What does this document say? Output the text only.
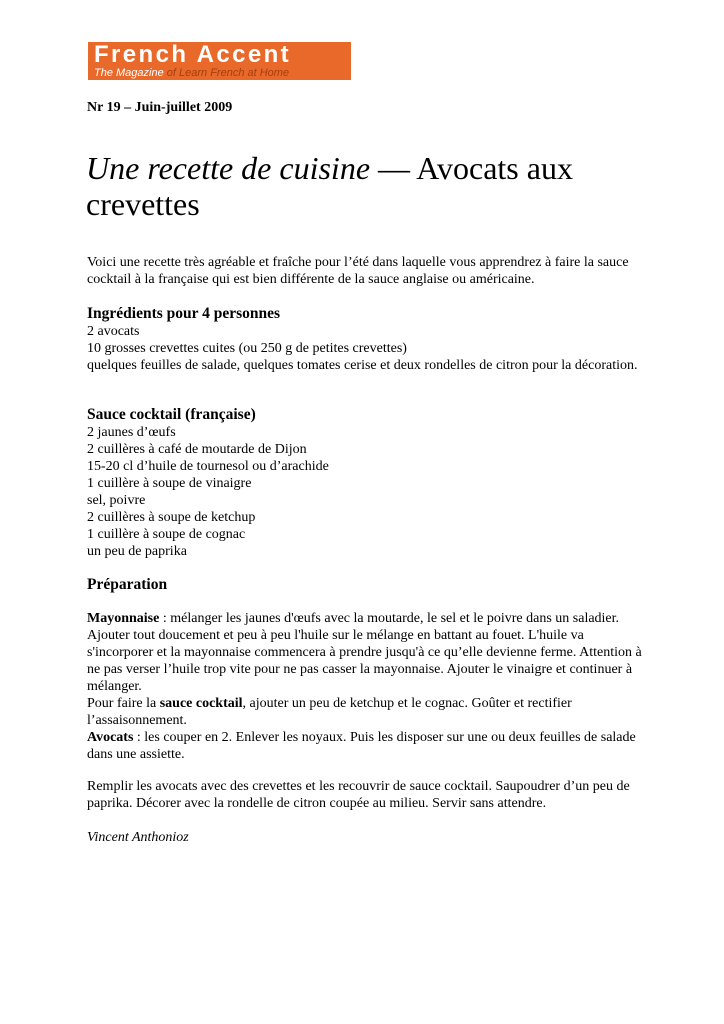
French Accent
The Magazine of Learn French at Home
Nr 19 – Juin-juillet 2009
Une recette de cuisine — Avocats aux crevettes

Voici une recette très agréable et fraîche pour l’été dans laquelle vous apprendrez à faire la sauce cocktail à la française qui est bien différente de la sauce anglaise ou américaine.

Ingrédients pour 4 personnes
2 avocats
10 grosses crevettes cuites (ou 250 g de petites crevettes)

quelques feuilles de salade, quelques tomates cerise et deux rondelles de citron pour la décoration.

Sauce cocktail (française)
2 jaunes d’œufs
2 cuillères à café de moutarde de Dijon
15-20 cl d’huile de tournesol ou d’arachide
1 cuillère à soupe de vinaigre
sel, poivre
2 cuillères à soupe de ketchup
1 cuillère à soupe de cognac
un peu de paprika
Préparation

Mayonnaise : mélanger les jaunes d'œufs avec la moutarde, le sel et le poivre dans un saladier. Ajouter tout doucement et peu à peu l'huile sur le mélange en battant au fouet. L'huile va s'incorporer et la mayonnaise commencera à prendre jusqu'à ce qu’elle devienne ferme. Attention à ne pas verser l’huile trop vite pour ne pas casser la mayonnaise. Ajouter le vinaigre et continuer à mélanger.

Pour faire la sauce cocktail, ajouter un peu de ketchup et le cognac. Goûter et rectifier l’assaisonnement.

Avocats : les couper en 2. Enlever les noyaux. Puis les disposer sur une ou deux feuilles de salade dans une assiette.

Remplir les avocats avec des crevettes et les recouvrir de sauce cocktail. Saupoudrer d’un peu de paprika. Décorer avec la rondelle de citron coupée au milieu. Servir sans attendre.

Vincent Anthonioz
